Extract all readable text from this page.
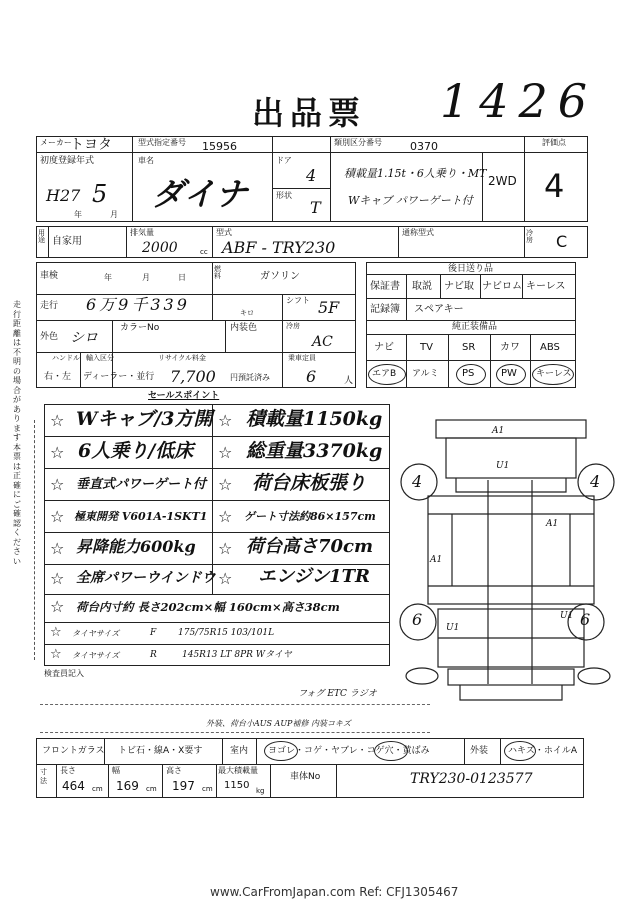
出品票 1426
メーカー
トヨタ	型式指定番号 15956	類別区分番号	0370	評価点
4
初度登録年式
H27 5
年	月
車名
ダイナ
ドア
4
形状
T
積載量1.15t・6人乗り・MT
Wキャブ パワーゲート付
2WD
用途 自家用
排気量
2000	cc
型式
ABF - TRY230
通称型式	冷房 C
車検	年	月	日
燃料	ガソリン
走行 6万9千339	キロ
シフト 5F
外色 シロ
カラーNo	内装色	冷房
AC
ハンドル
右・左
輸入区分
ディーラー・並行
リサイクル料金
7,700 円預託済み
乗車定員
6	人
後日送り品
保証書 取説 ナビ取 ナビロム キーレス
記録簿 スペアキー
純正装備品
ナビ	TV	SR カワ ABS
エアB アルミ PS	PW キーレス
走行距離は不明の場合があります 本票は正確にご確認ください
セールスポイント
☆ Wキャブ/3方開 ☆ 積載量1150kg
☆ 6人乗り/低床 ☆ 総重量3370kg
☆ 垂直式パワーゲート付 ☆ 荷台床板張り
☆ 極東開発 V601A-1SKT1 ☆ ゲート寸法約86×157cm
☆ 昇降能力600kg ☆ 荷台高さ70cm
☆ 全席パワーウインドウ ☆ エンジン1TR
☆ 荷台内寸約 長さ202cm×幅 160cm×高さ38cm
☆ タイヤサイズ	F 175/75R15 103/101L
☆ タイヤサイズ	R	145R13 LT 8PR Wタイヤ
A1
U1
A1
A1
U1
U1
4	4
6	6
検査員記入
フォグ ETC ラジオ
外装、荷台小AUS AUP補修 内装コキズ
フロントガラス トビ石・線A・X要す	室内 ヨゴレ・コゲ・ヤブレ・コゲ穴・黄ばみ	外装 ハキズ・ホイルA
寸法
長さ
464 cm
幅
169 cm
高さ
197 cm
最大積載量
1150 kg
車体No	TRY230-0123577
www.CarFromJapan.com Ref: CFJ1305467
